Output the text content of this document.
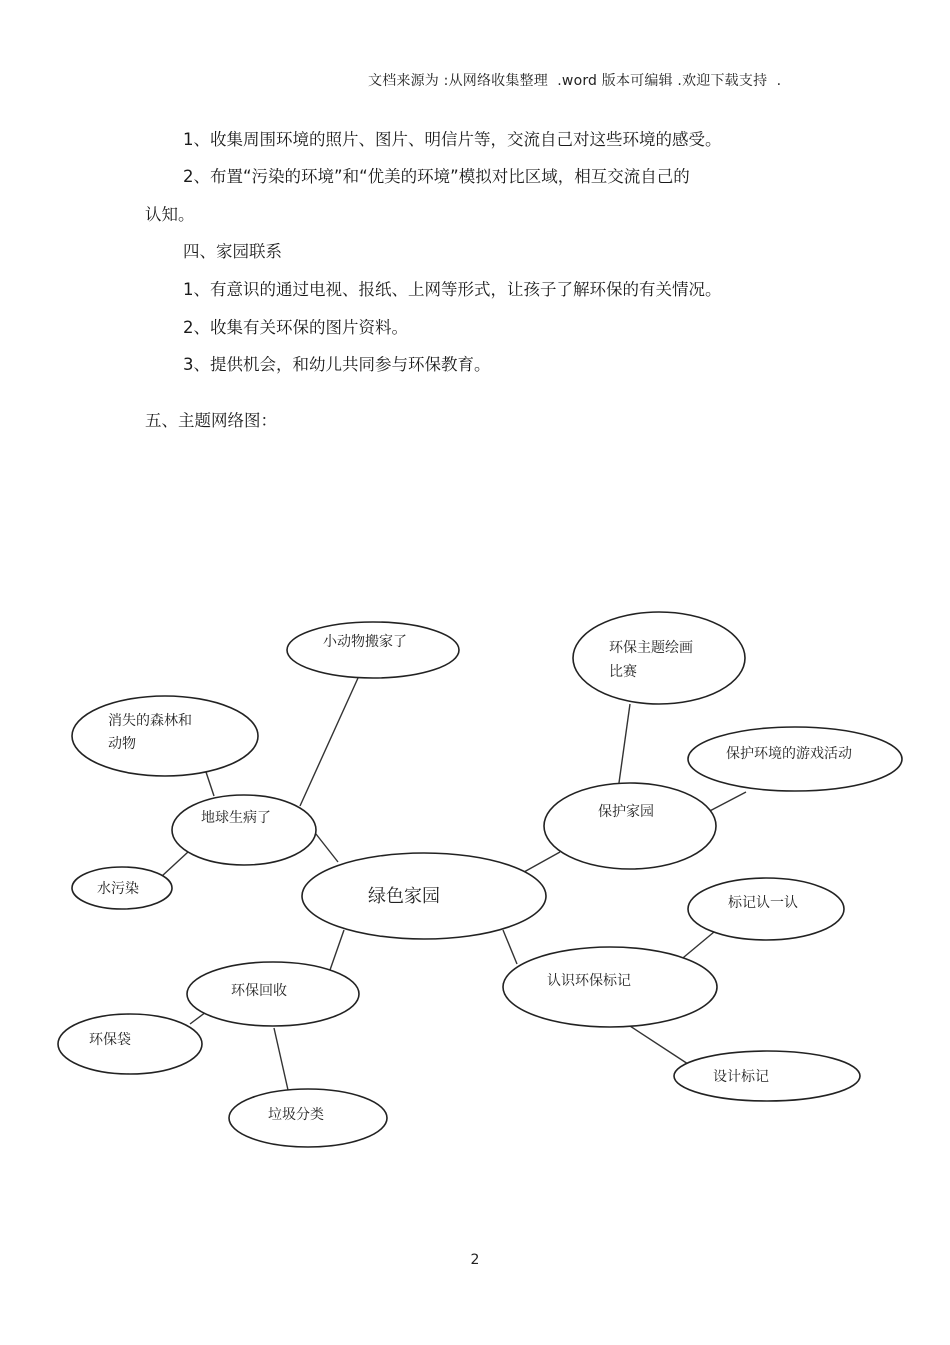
文档来源为 :从网络收集整理  .word 版本可编辑 .欢迎下载支持  .
1、收集周围环境的照片、图片、明信片等，交流自己对这些环境的感受。
2、布置“污染的环境”和“优美的环境”模拟对比区域，相互交流自己的
认知。
四、家园联系
1、有意识的通过电视、报纸、上网等形式，让孩子了解环保的有关情况。
2、收集有关环保的图片资料。
3、提供机会，和幼儿共同参与环保教育。
五、主题网络图：
小动物搬家了
消失的森林和
动物
地球生病了
水污染
环保主题绘画
比赛
保护环境的游戏活动
保护家园
绿色家园	标记认一认
认识环保标记
设计标记
环保回收
环保袋
垃圾分类
2
